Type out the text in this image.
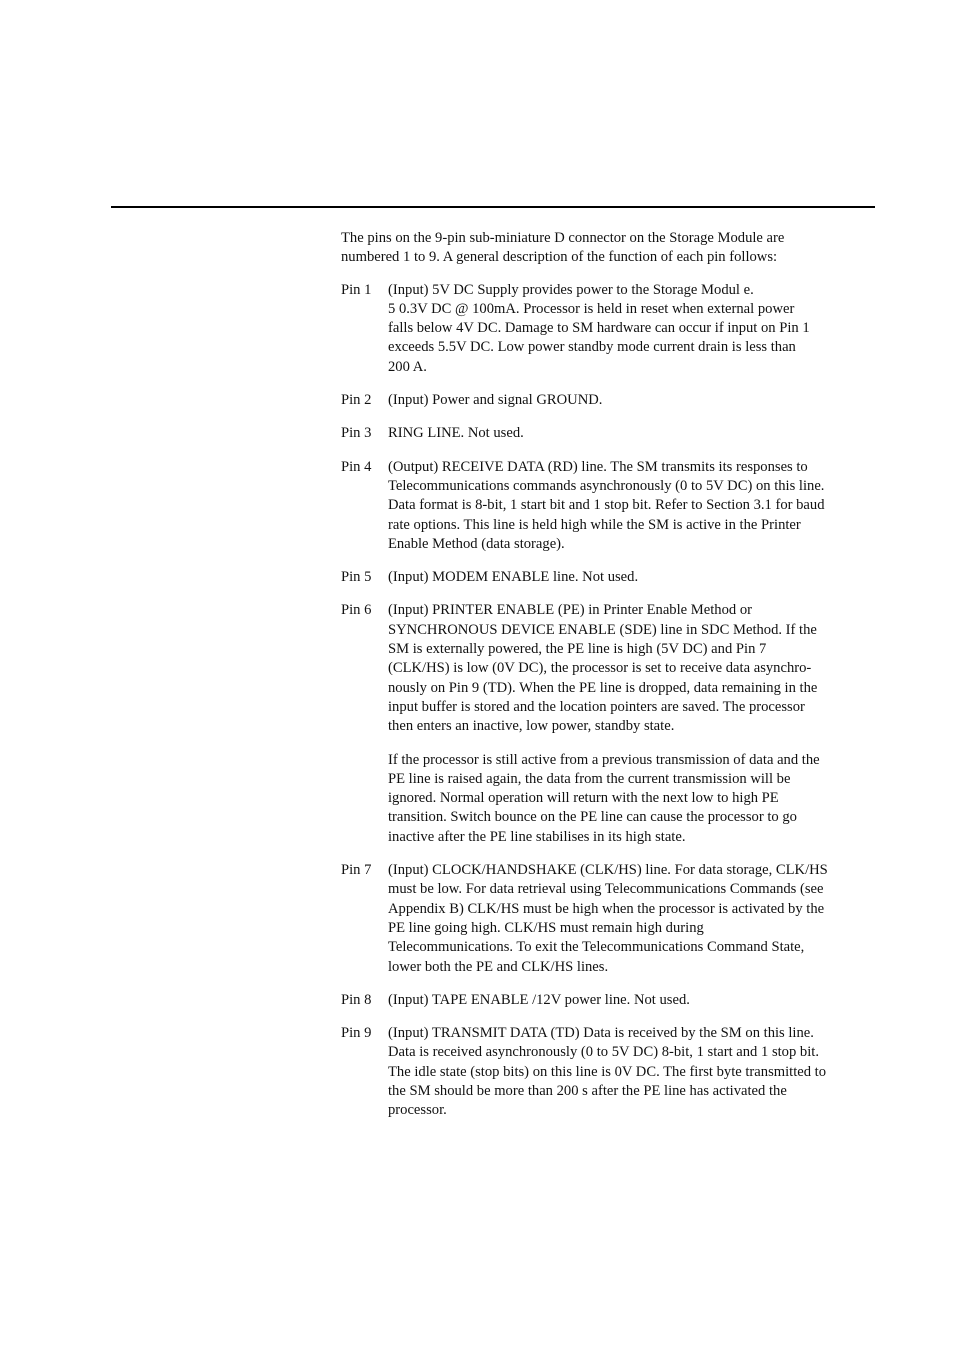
The pins on the 9-pin sub-miniature D connector on the Storage Module are
numbered 1 to 9. A general description of the function of each pin follows:

Pin 1	(Input) 5V DC Supply provides power to the Storage Modul e.
5 0.3V DC @ 100mA. Processor is held in reset when external power
falls below 4V DC. Damage to SM hardware can occur if input on Pin 1
exceeds 5.5V DC. Low power standby mode current drain is less than
200 A.

Pin 2	(Input) Power and signal GROUND.

Pin 3	RING LINE. Not used.

Pin 4	(Output) RECEIVE DATA (RD) line. The SM transmits its responses to
Telecommunications commands asynchronously (0 to 5V DC) on this line.
Data format is 8-bit, 1 start bit and 1 stop bit. Refer to Section 3.1 for baud
rate options. This line is held high while the SM is active in the Printer
Enable Method (data storage).

Pin 5	(Input) MODEM ENABLE line. Not used.

Pin 6	(Input) PRINTER ENABLE (PE) in Printer Enable Method or
SYNCHRONOUS DEVICE ENABLE (SDE) line in SDC Method. If the
SM is externally powered, the PE line is high (5V DC) and Pin 7
(CLK/HS) is low (0V DC), the processor is set to receive data asynchro-
nously on Pin 9 (TD). When the PE line is dropped, data remaining in the
input buffer is stored and the location pointers are saved. The processor
then enters an inactive, low power, standby state.

If the processor is still active from a previous transmission of data and the
PE line is raised again, the data from the current transmission will be
ignored. Normal operation will return with the next low to high PE
transition. Switch bounce on the PE line can cause the processor to go
inactive after the PE line stabilises in its high state.

Pin 7	(Input) CLOCK/HANDSHAKE (CLK/HS) line. For data storage, CLK/HS
must be low. For data retrieval using Telecommunications Commands (see
Appendix B) CLK/HS must be high when the processor is activated by the
PE line going high. CLK/HS must remain high during
Telecommunications. To exit the Telecommunications Command State,
lower both the PE and CLK/HS lines.

Pin 8	(Input) TAPE ENABLE /12V power line. Not used.

Pin 9	(Input) TRANSMIT DATA (TD) Data is received by the SM on this line.
Data is received asynchronously (0 to 5V DC) 8-bit, 1 start and 1 stop bit.
The idle state (stop bits) on this line is 0V DC. The first byte transmitted to
the SM should be more than 200 s after the PE line has activated the
processor.
